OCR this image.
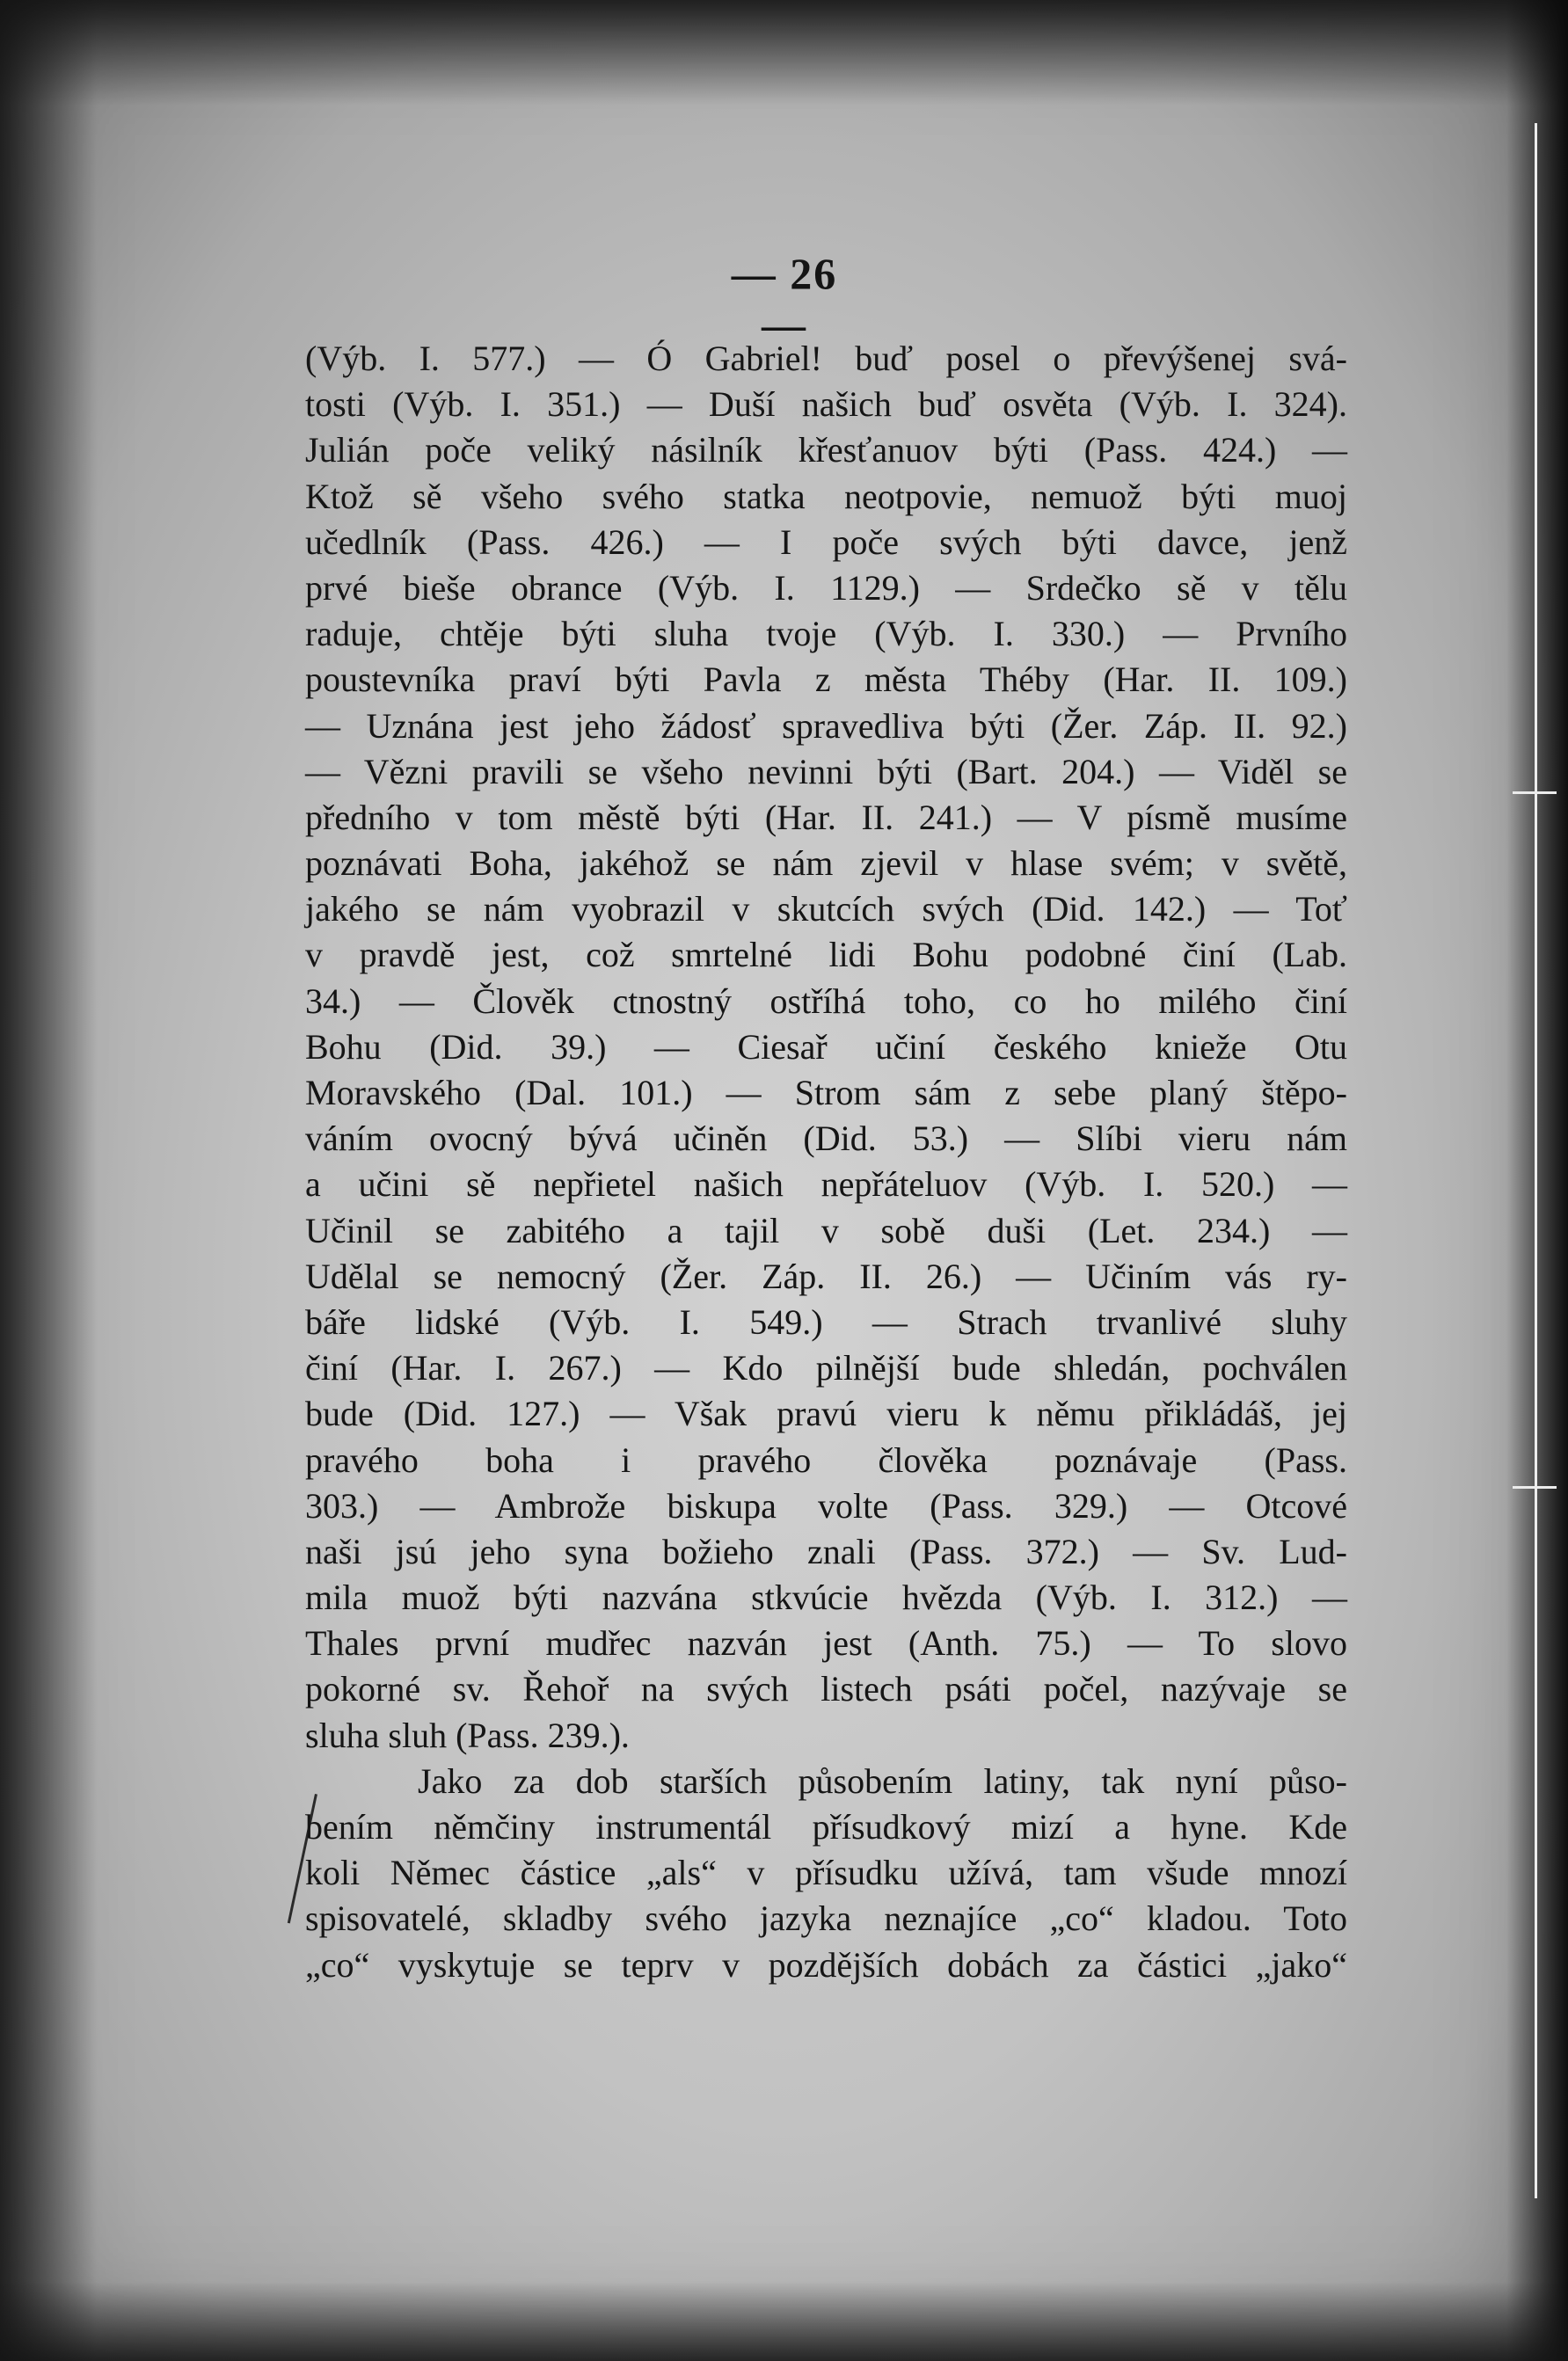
— 26 —
(Výb. I. 577.) — Ó Gabriel! buď posel o převýšenej svá-
tosti (Výb. I. 351.) — Duší našich buď osvěta (Výb. I. 324).
Julián poče veliký násilník křesťanuov býti (Pass. 424.) —
Ktož sě všeho svého statka neotpovie, nemuož býti muoj
učedlník (Pass. 426.) — I poče svých býti davce, jenž
prvé bieše obrance (Výb. I. 1129.) — Srdečko sě v tělu
raduje, chtěje býti sluha tvoje (Výb. I. 330.) — Prvního
poustevníka praví býti Pavla z města Théby (Har. II. 109.)
— Uznána jest jeho žádosť spravedliva býti (Žer. Záp. II. 92.)
— Vězni pravili se všeho nevinni býti (Bart. 204.) — Viděl se
předního v tom městě býti (Har. II. 241.) — V písmě musíme
poznávati Boha, jakéhož se nám zjevil v hlase svém; v světě,
jakého se nám vyobrazil v skutcích svých (Did. 142.) — Toť
v pravdě jest, což smrtelné lidi Bohu podobné činí (Lab.
34.) — Člověk ctnostný ostříhá toho, co ho milého činí
Bohu (Did. 39.) — Ciesař učiní českého knieže Otu
Moravského (Dal. 101.) — Strom sám z sebe planý štěpo-
váním ovocný bývá učiněn (Did. 53.) — Slíbi vieru nám
a učini sě nepřietel našich nepřáteluov (Výb. I. 520.) —
Učinil se zabitého a tajil v sobě duši (Let. 234.) —
Udělal se nemocný (Žer. Záp. II. 26.) — Učiním vás ry-
báře lidské (Výb. I. 549.) — Strach trvanlivé sluhy
činí (Har. I. 267.) — Kdo pilnější bude shledán, pochválen
bude (Did. 127.) — Však pravú vieru k němu přikládáš, jej
pravého boha i pravého člověka poznávaje (Pass.
303.) — Ambrože biskupa volte (Pass. 329.) — Otcové
naši jsú jeho syna božieho znali (Pass. 372.) — Sv. Lud-
mila muož býti nazvána stkvúcie hvězda (Výb. I. 312.) —
Thales první mudřec nazván jest (Anth. 75.) — To slovo
pokorné sv. Řehoř na svých listech psáti počel, nazývaje se
sluha sluh (Pass. 239.).
Jako za dob starších působením latiny, tak nyní půso-
bením němčiny instrumentál přísudkový mizí a hyne. Kde
koli Němec částice „als“ v přísudku užívá, tam všude mnozí
spisovatelé, skladby svého jazyka neznajíce „co“ kladou. Toto
„co“ vyskytuje se teprv v pozdějších dobách za částici „jako“
